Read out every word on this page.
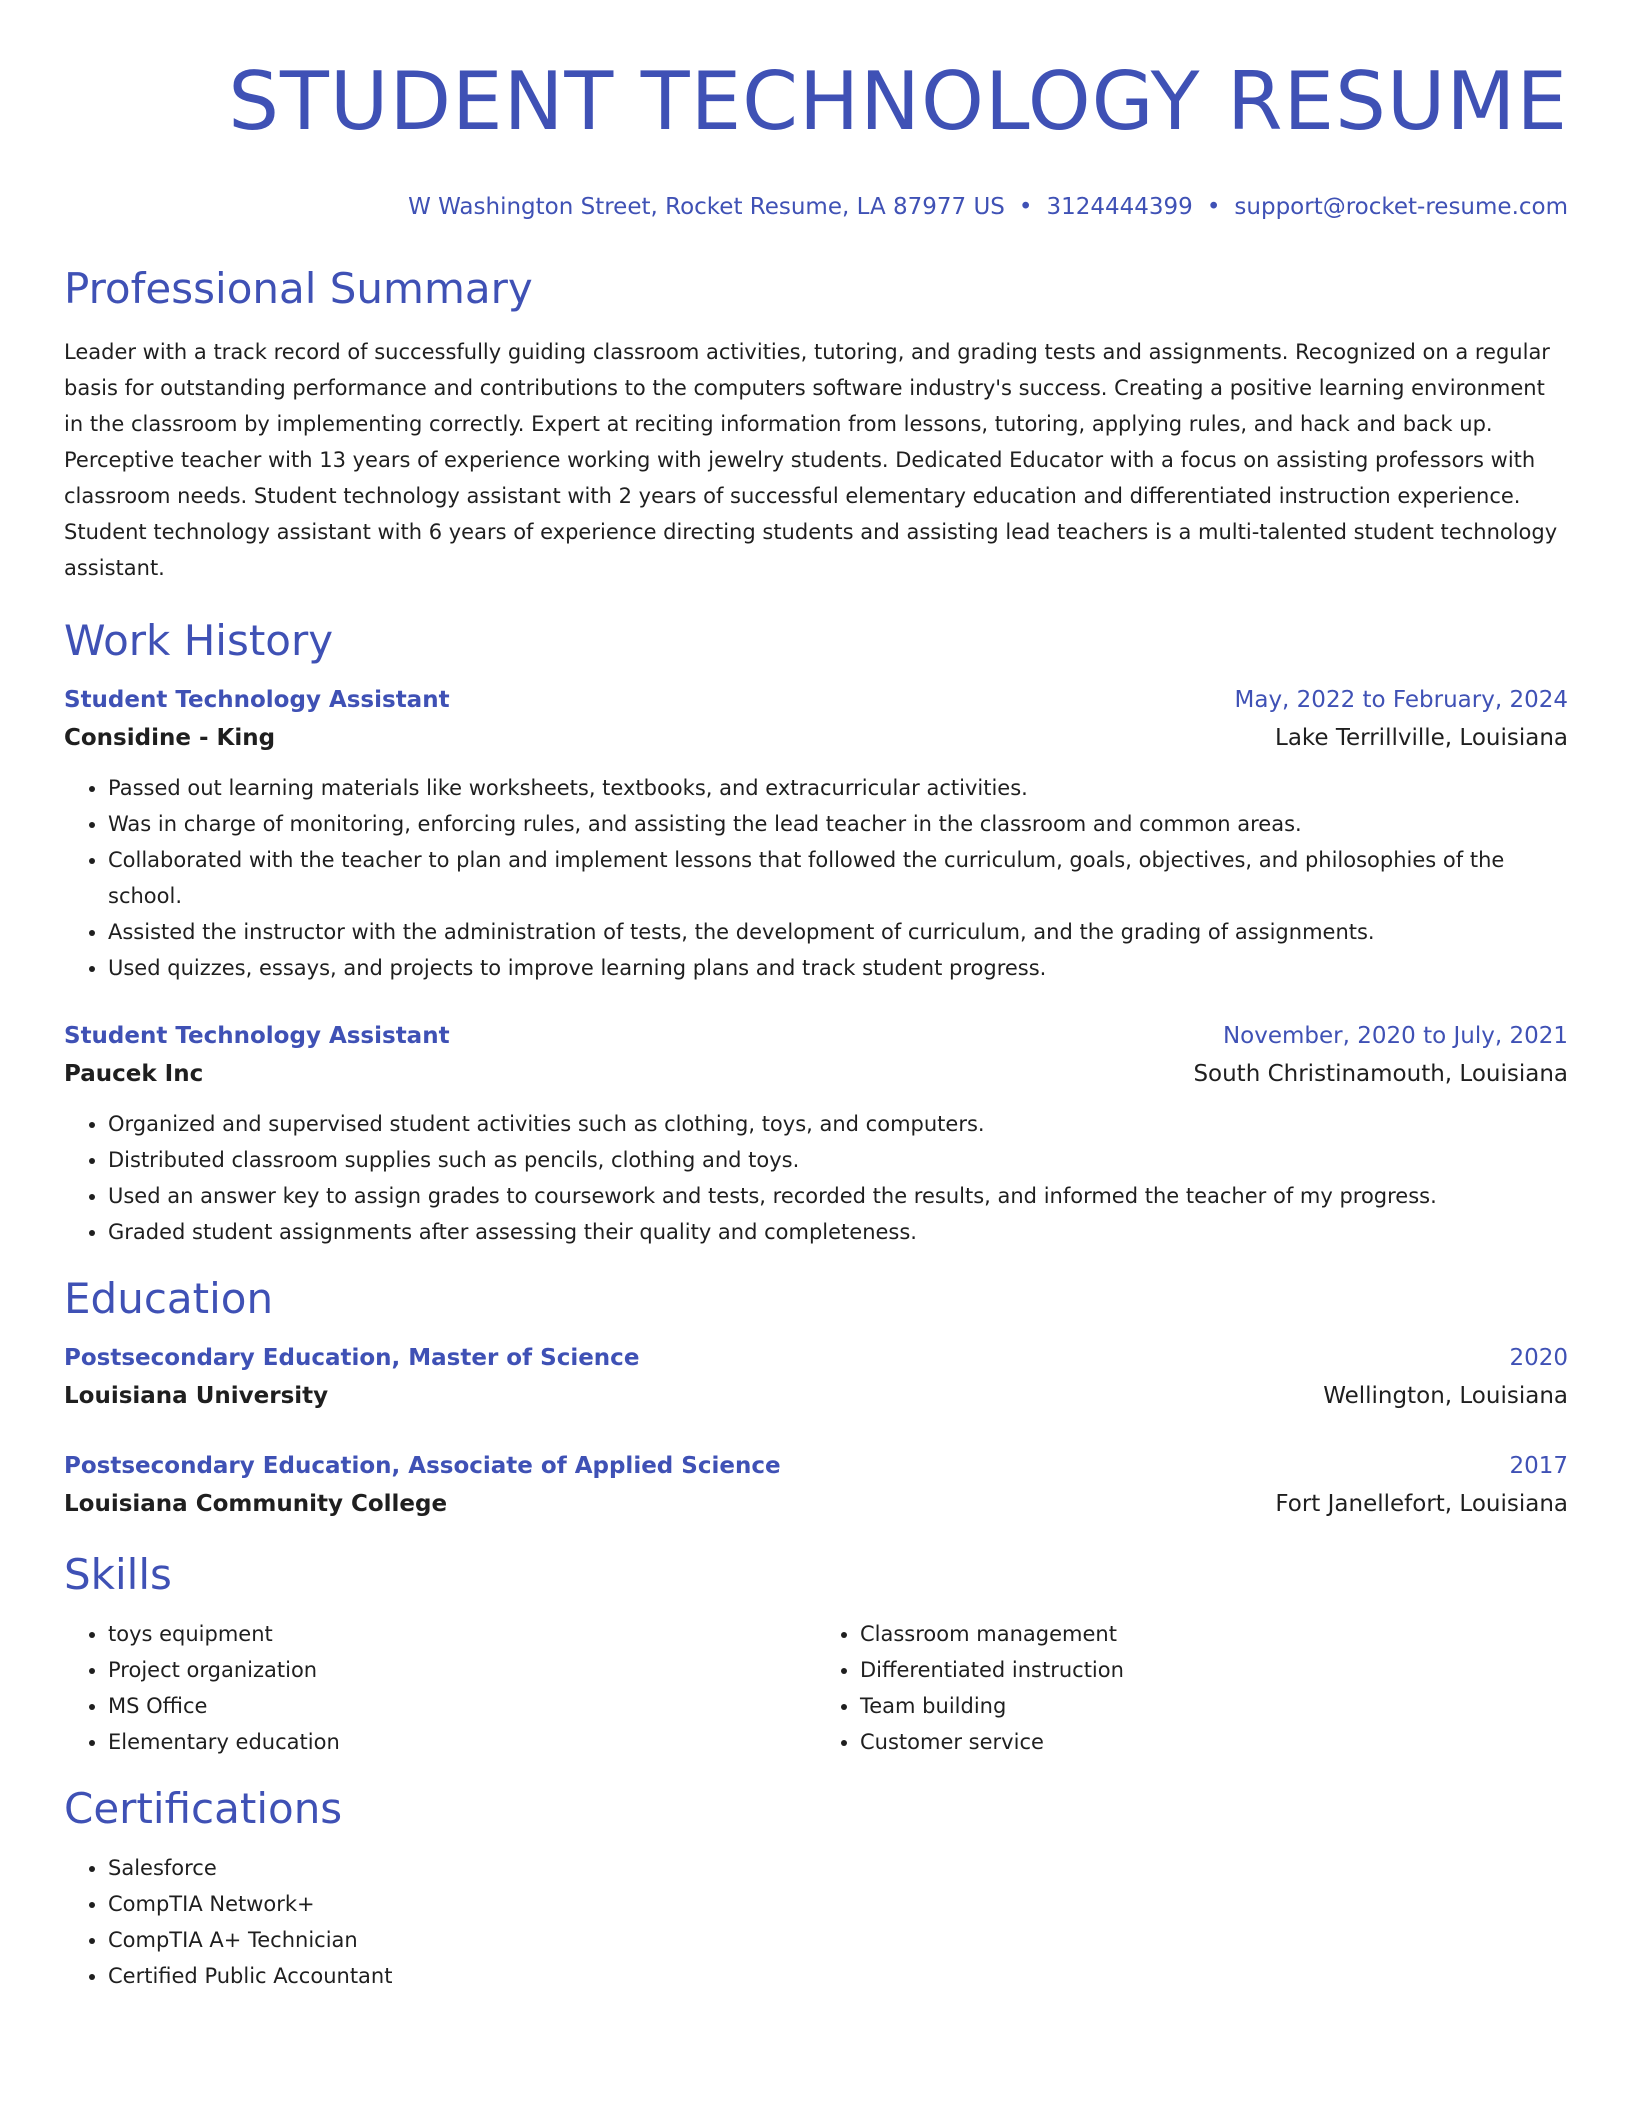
STUDENT TECHNOLOGY RESUME
W Washington Street, Rocket Resume, LA 87977 US • 3124444399 • support@rocket-resume.com
Professional Summary
Leader with a track record of successfully guiding classroom activities, tutoring, and grading tests and assignments. Recognized on a regular basis for outstanding performance and contributions to the computers software industry's success. Creating a positive learning environment in the classroom by implementing correctly. Expert at reciting information from lessons, tutoring, applying rules, and hack and back up. Perceptive teacher with 13 years of experience working with jewelry students. Dedicated Educator with a focus on assisting professors with classroom needs. Student technology assistant with 2 years of successful elementary education and differentiated instruction experience. Student technology assistant with 6 years of experience directing students and assisting lead teachers is a multi-talented student technology assistant.
Work History
Student Technology Assistant	May, 2022 to February, 2024
Considine - King	Lake Terrillville, Louisiana
• Passed out learning materials like worksheets, textbooks, and extracurricular activities.
• Was in charge of monitoring, enforcing rules, and assisting the lead teacher in the classroom and common areas.
• Collaborated with the teacher to plan and implement lessons that followed the curriculum, goals, objectives, and philosophies of the school.
• Assisted the instructor with the administration of tests, the development of curriculum, and the grading of assignments.
• Used quizzes, essays, and projects to improve learning plans and track student progress.
Student Technology Assistant	November, 2020 to July, 2021
Paucek Inc	South Christinamouth, Louisiana
• Organized and supervised student activities such as clothing, toys, and computers.
• Distributed classroom supplies such as pencils, clothing and toys.
• Used an answer key to assign grades to coursework and tests, recorded the results, and informed the teacher of my progress.
• Graded student assignments after assessing their quality and completeness.
Education
Postsecondary Education, Master of Science	2020
Louisiana University	Wellington, Louisiana
Postsecondary Education, Associate of Applied Science	2017
Louisiana Community College	Fort Janellefort, Louisiana
Skills
• toys equipment
• Project organization
• MS Office
• Elementary education
• Classroom management
• Differentiated instruction
• Team building
• Customer service
Certifications
• Salesforce
• CompTIA Network+
• CompTIA A+ Technician
• Certified Public Accountant
